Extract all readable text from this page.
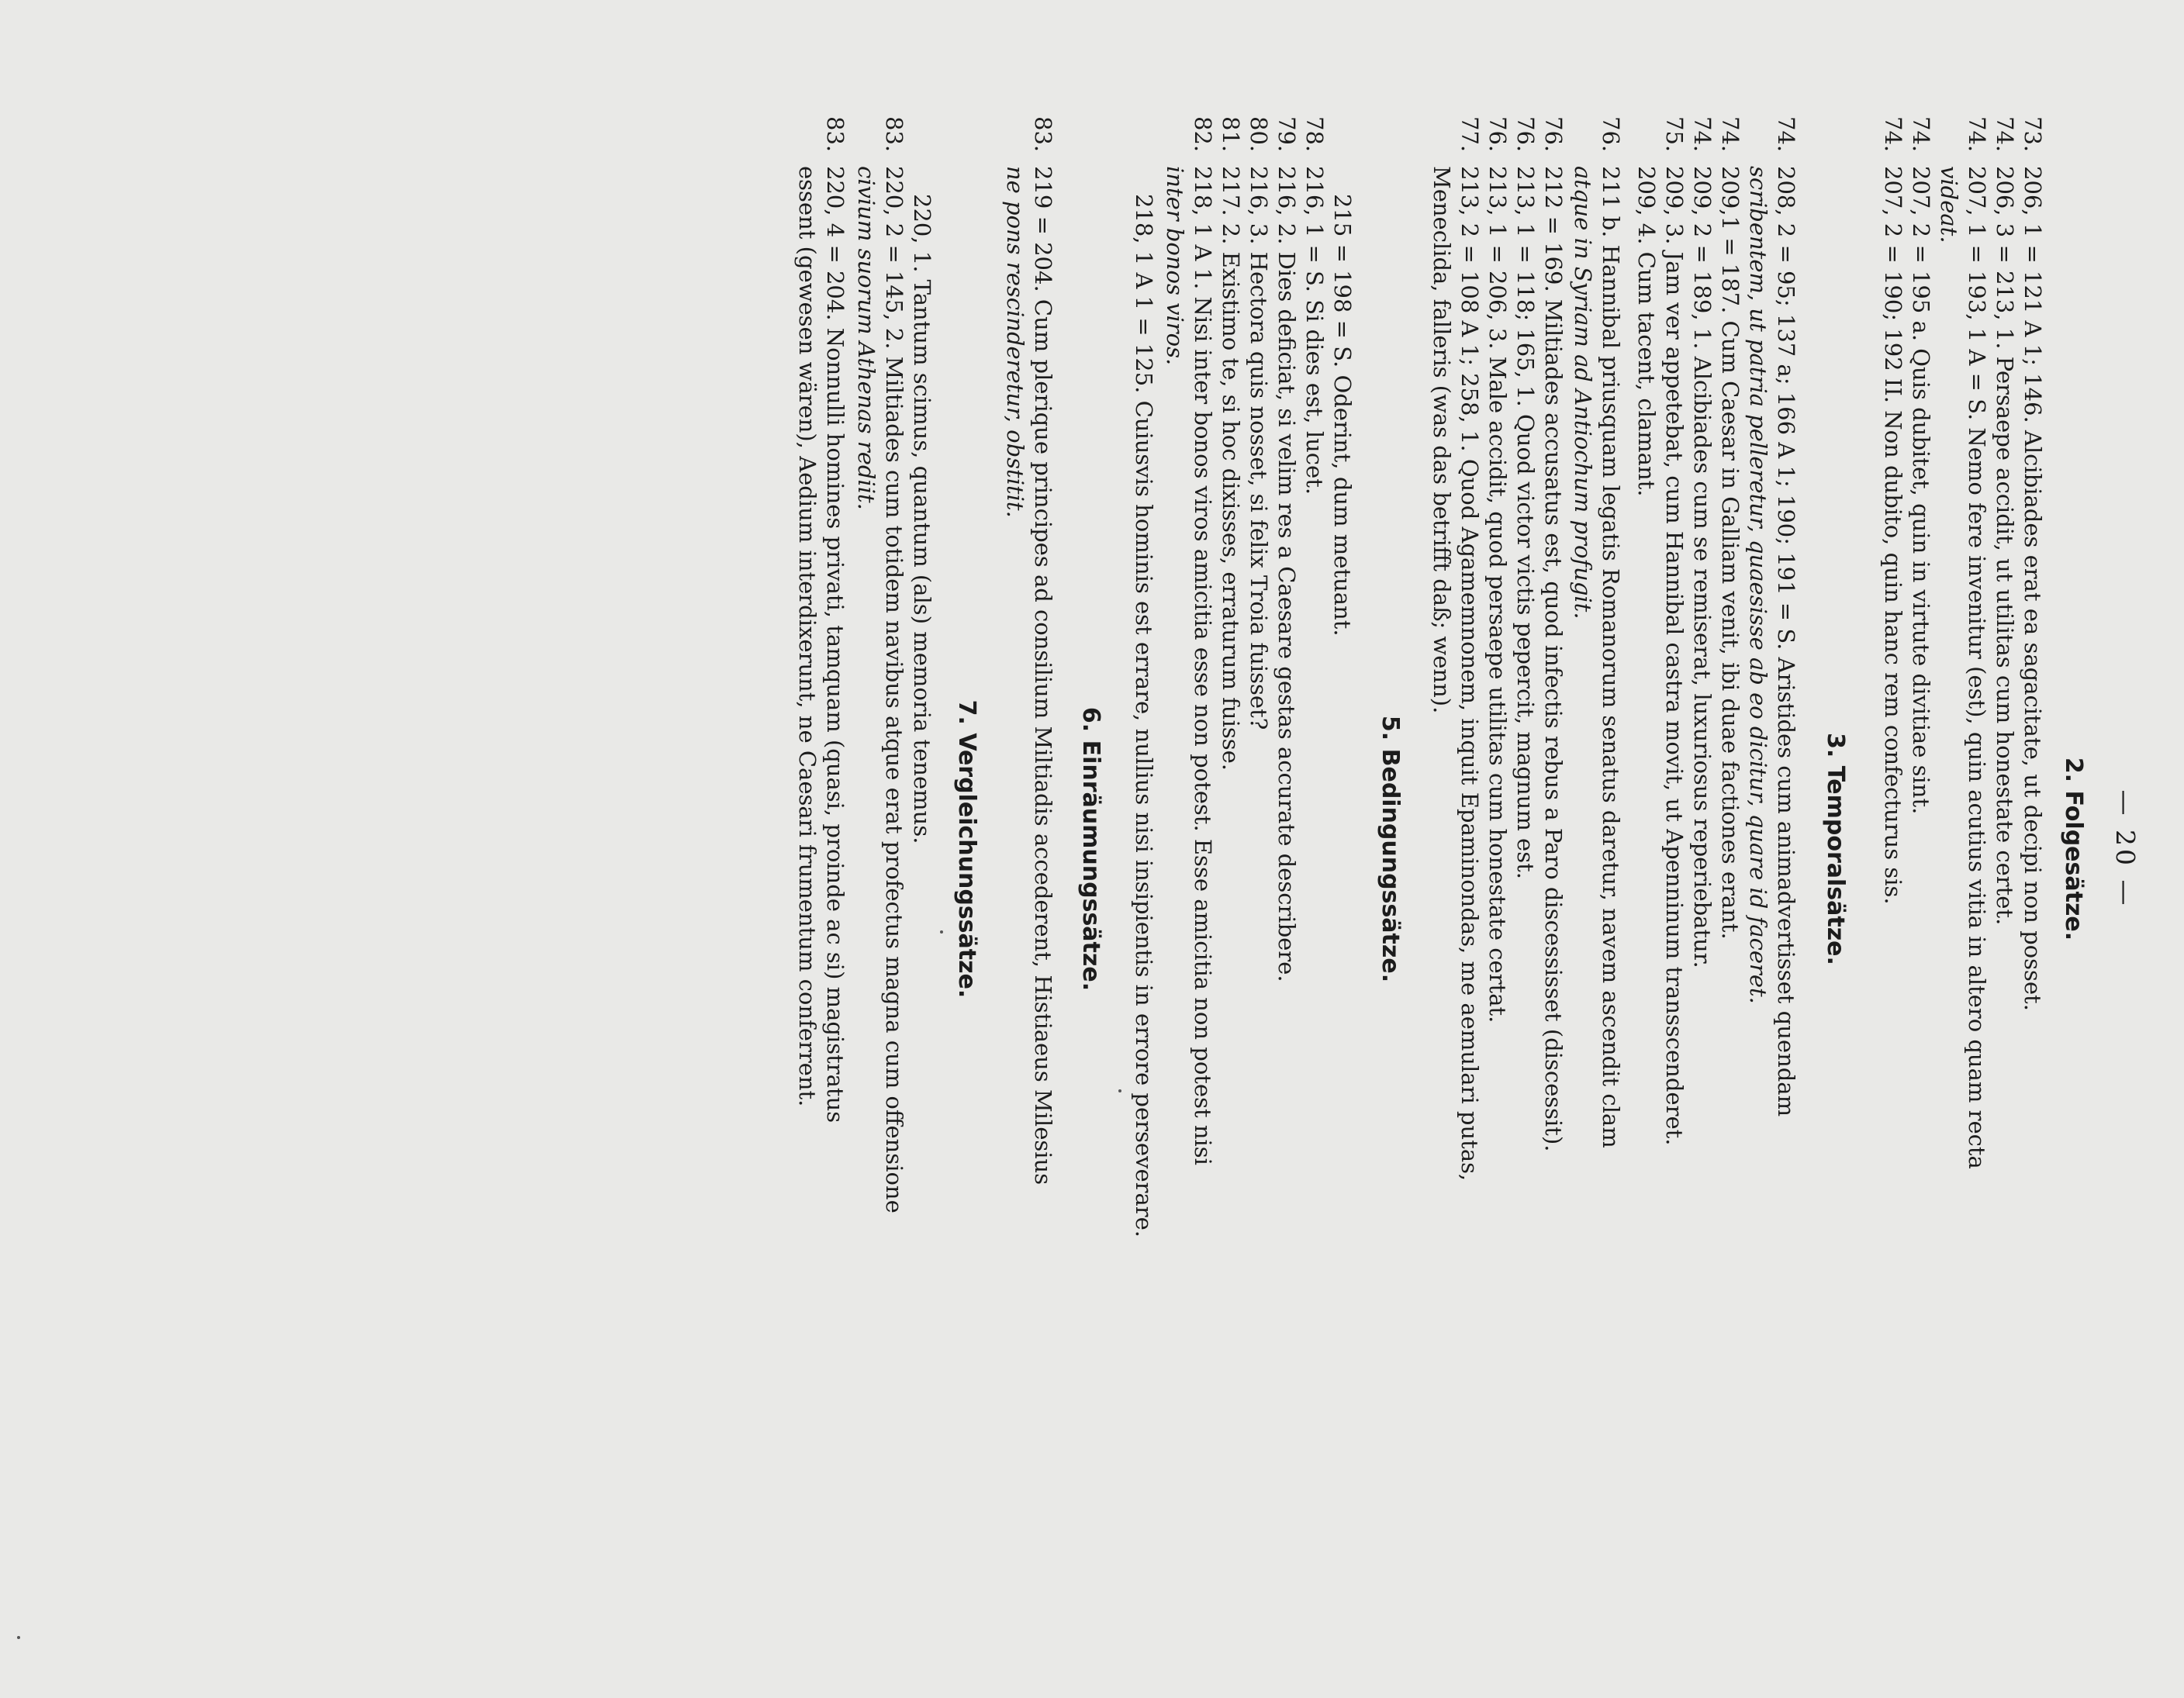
— 20 —
2. Folgesätze.
73.206, 1 = 121 A 1; 146. Alcibiades erat ea sagacitate, ut decipi non posset.
74.206, 3 = 213, 1. Persaepe accidit, ut utilitas cum honestate certet.
74.207, 1 = 193, 1 A = S. Nemo fere invenitur (est), quin acutius vitia in altero quam recta
videat.
74.207, 2 = 195 a. Quis dubitet, quin in virtute divitiae sint.
74.207, 2 = 190; 192 II. Non dubito, quin hanc rem confecturus sis.
3. Temporalsätze.
74.208, 2 = 95; 137 a; 166 A 1; 190; 191 = S. Aristides cum animadvertisset quendam
scribentem, ut patria pelleretur, quaesisse ab eo dicitur, quare id faceret.
74.209,1 = 187. Cum Caesar in Galliam venit, ibi duae factiones erant.
74.209, 2 = 189, 1. Alcibiades cum se remiserat, luxuriosus reperiebatur.
75.209, 3. Jam ver appetebat, cum Hannibal castra movit, ut Apenninum transscenderet.
209, 4. Cum tacent, clamant.
76.211 b. Hannibal priusquam legatis Romanorum senatus daretur, navem ascendit clam
atque in Syriam ad Antiochum profugit.
76.212 = 169. Miltiades accusatus est, quod infectis rebus a Paro discessisset (discessit).
76.213, 1 = 118; 165, 1. Quod victor victis pepercit, magnum est.
76.213, 1 = 206, 3. Male accidit, quod persaepe utilitas cum honestate certat.
77.213, 2 = 108 A 1; 258, 1. Quod Agamemnonem, inquit Epaminondas, me aemulari putas,
Meneclida, falleris (was das betrifft daß; wenn).
5. Bedingungssätze.
215 = 198 = S. Oderint, dum metuant.
78.216, 1 = S. Si dies est, lucet.
79.216, 2. Dies deficiat, si velim res a Caesare gestas accurate describere.
80.216, 3. Hectora quis nosset, si felix Troia fuisset?
81.217. 2. Existimo te, si hoc dixisses, erraturum fuisse.
82.218, 1 A 1. Nisi inter bonos viros amicitia esse non potest. Esse amicitia non potest nisi
inter bonos viros.
218, 1 A 1 = 125. Cuiusvis hominis est errare, nullius nisi insipientis in errore perseverare.
6. Einräumungssätze.
83.219 = 204. Cum plerique principes ad consilium Miltiadis accederent, Histiaeus Milesius
ne pons rescinderetur, obstitit.
7. Vergleichungssätze.
220, 1. Tantum scimus, quantum (als) memoria tenemus.
83.220, 2 = 145, 2. Miltiades cum totidem navibus atque erat profectus magna cum offensione
civium suorum Athenas rediit.
83.220, 4 = 204. Nonnulli homines privati, tamquam (quasi, proinde ac si) magistratus
essent (gewesen wären), Aedium interdixerunt, ne Caesari frumentum conferrent.
